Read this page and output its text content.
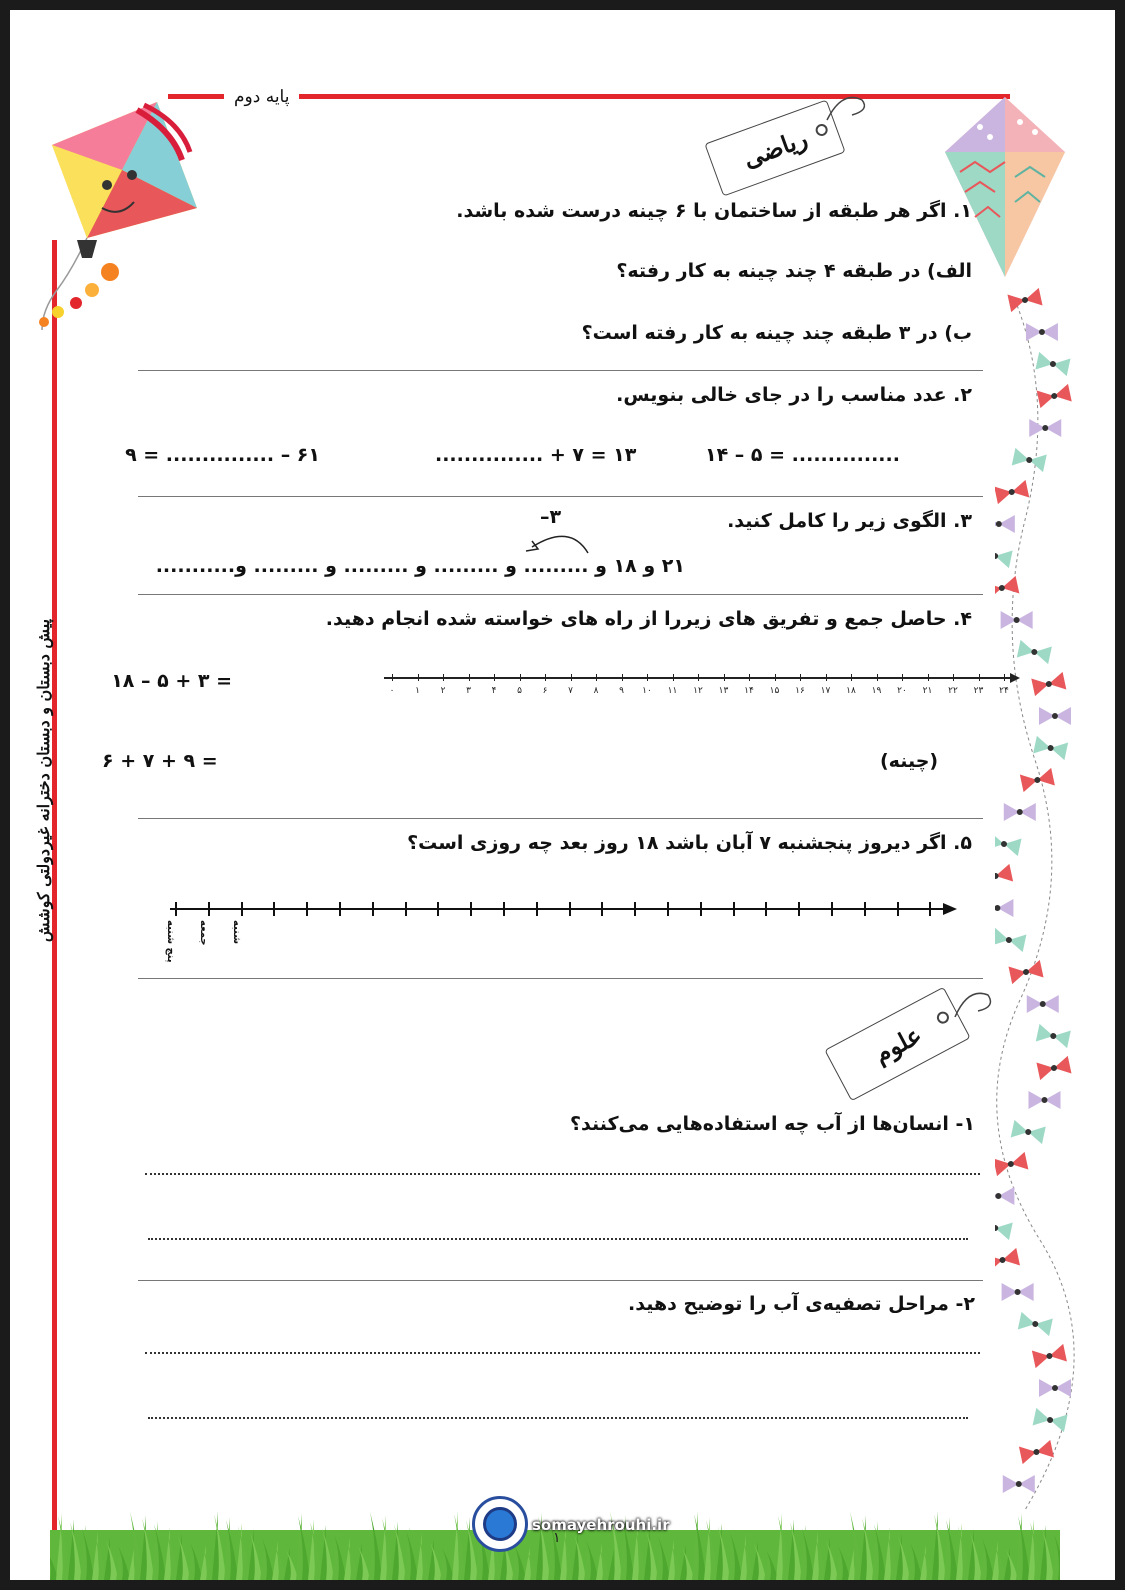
پایه دوم
پیش دبستان و دبستان دخترانه غیردولتی کوشش
ریاضی
۱. اگر هر طبقه از ساختمان با ۶ چینه درست شده باشد.
الف) در طبقه ۴ چند چینه به کار رفته؟
ب) در ۳ طبقه چند چینه به کار رفته است؟
۲. عدد مناسب را در جای خالی بنویس.
۱۴ – ۵ = ...............
............... + ۷ = ۱۳
۱۶ – ............... = ۹
۳. الگوی زیر را کامل کنید.
–۳
۲۱ و ۱۸ و ......... و ......... و ......... و ......... و...........
۴. حاصل جمع و تفریق های زیررا از راه های خواسته شده انجام دهید.
۱۸ – ۵ + ۳ =
۶ + ۷ + ۹ =	(چینه)
۰	۱	۲	۳	۴	۵	۶	۷	۸	۹	۱۰	۱۱	۱۲	۱۳	۱۴	۱۵	۱۶	۱۷	۱۸	۱۹	۲۰	۲۱	۲۲	۲۳	۲۴
۵. اگر دیروز پنجشنبه ۷ آبان باشد ۱۸ روز بعد چه روزی است؟
پنج شنبه جمعه شنبه
علوم
۱- انسان‌ها از آب چه استفاده‌هایی می‌کنند؟
۲- مراحل تصفیه‌ی آب را توضیح دهید.
somayehrouhi.ir
۱
